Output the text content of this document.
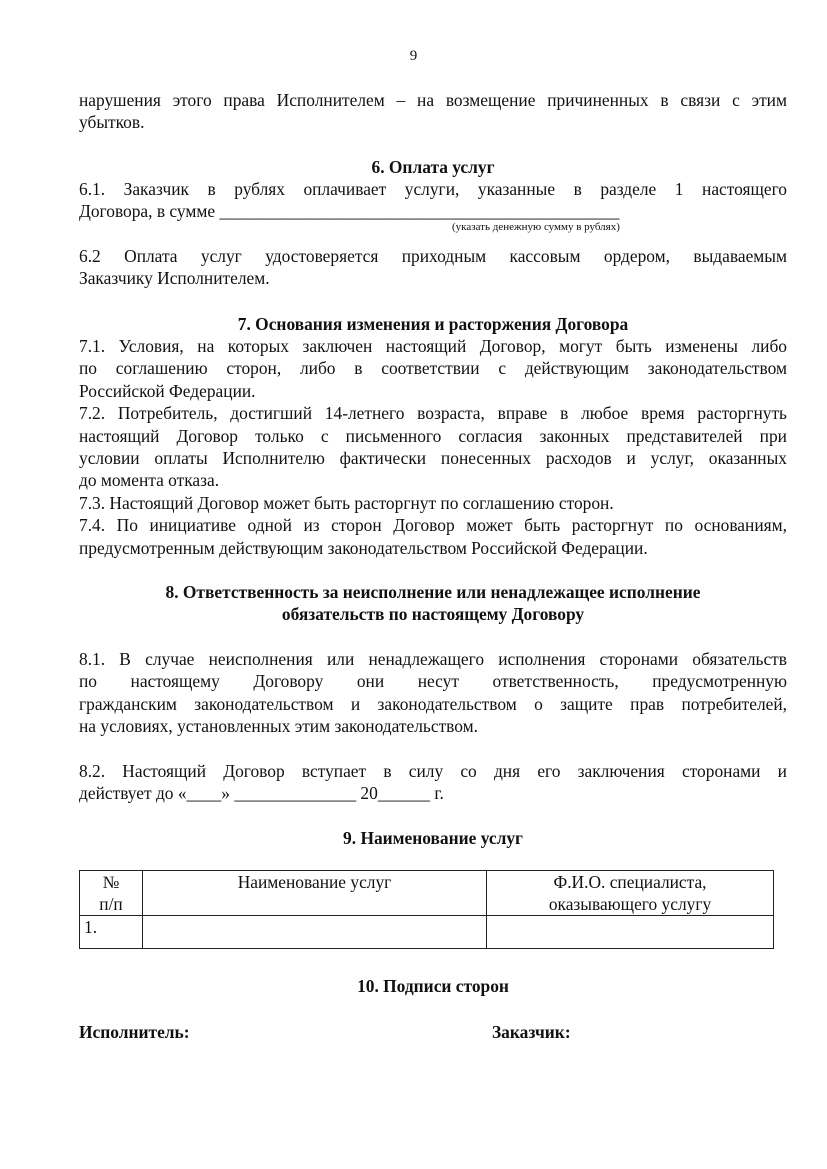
9
нарушения этого права Исполнителем – на возмещение причиненных в связи с этим
убытков.
6. Оплата услуг
6.1. Заказчик в рублях оплачивает услуги, указанные в разделе 1 настоящего
Договора, в сумме ______________________________________________
(указать денежную сумму в рублях)
6.2 Оплата услуг удостоверяется приходным кассовым ордером, выдаваемым
Заказчику Исполнителем.
7. Основания изменения и расторжения Договора
7.1. Условия, на которых заключен настоящий Договор, могут быть изменены либо
по соглашению сторон, либо в соответствии с действующим законодательством
Российской Федерации.
7.2. Потребитель, достигший 14-летнего возраста, вправе в любое время расторгнуть
настоящий Договор только с письменного согласия законных представителей при
условии оплаты Исполнителю фактически понесенных расходов и услуг, оказанных
до момента отказа.
7.3. Настоящий Договор может быть расторгнут по соглашению сторон.
7.4. По инициативе одной из сторон Договор может быть расторгнут по основаниям,
предусмотренным действующим законодательством Российской Федерации.
8. Ответственность за неисполнение или ненадлежащее исполнение
обязательств по настоящему Договору
8.1. В случае неисполнения или ненадлежащего исполнения сторонами обязательств
по настоящему Договору они несут ответственность, предусмотренную
гражданским законодательством и законодательством о защите прав потребителей,
на условиях, установленных этим законодательством.
8.2. Настоящий Договор вступает в силу со дня его заключения сторонами и
действует до «____» ______________ 20______ г.
9. Наименование услуг
№
п/п	Наименование услуг	Ф.И.О. специалиста,
оказывающего услугу

1.		
10. Подписи сторон
Исполнитель:	Заказчик:
